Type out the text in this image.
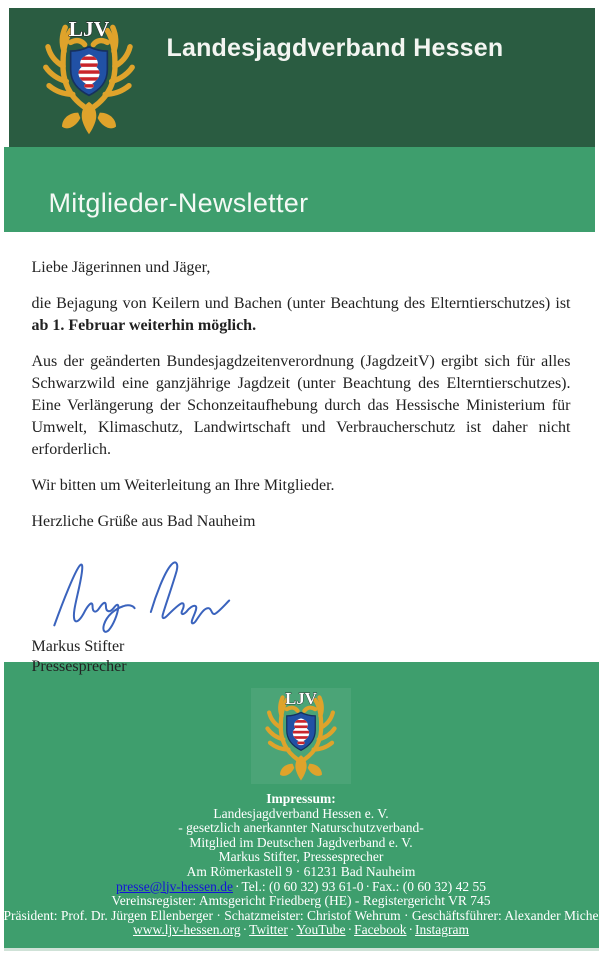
Landesjagdverband Hessen
Mitglieder-Newsletter

Liebe Jägerinnen und Jäger,

die Bejagung von Keilern und Bachen (unter Beachtung des Elterntierschutzes) ist ab 1. Februar weiterhin möglich.

Aus der geänderten Bundesjagdzeitenverordnung (JagdzeitV) ergibt sich für alles Schwarzwild eine ganzjährige Jagdzeit (unter Beachtung des Elterntierschutzes). Eine Verlängerung der Schonzeitaufhebung durch das Hessische Ministerium für Umwelt, Klimaschutz, Landwirtschaft und Verbraucherschutz ist daher nicht erforderlich.

Wir bitten um Weiterleitung an Ihre Mitglieder.

Herzliche Grüße aus Bad Nauheim

Markus Stifter
Pressesprecher
Impressum:
Landesjagdverband Hessen e. V.
- gesetzlich anerkannter Naturschutzverband-
Mitglied im Deutschen Jagdverband e. V.
Markus Stifter, Pressesprecher
Am Römerkastell 9 · 61231 Bad Nauheim
presse@ljv-hessen.de · Tel.: (0 60 32) 93 61-0 · Fax.: (0 60 32) 42 55
Vereinsregister: Amtsgericht Friedberg (HE) - Registergericht VR 745
Präsident: Prof. Dr. Jürgen Ellenberger · Schatzmeister: Christof Wehrum · Geschäftsführer: Alexander Michel
www.ljv-hessen.org · Twitter · YouTube · Facebook · Instagram
